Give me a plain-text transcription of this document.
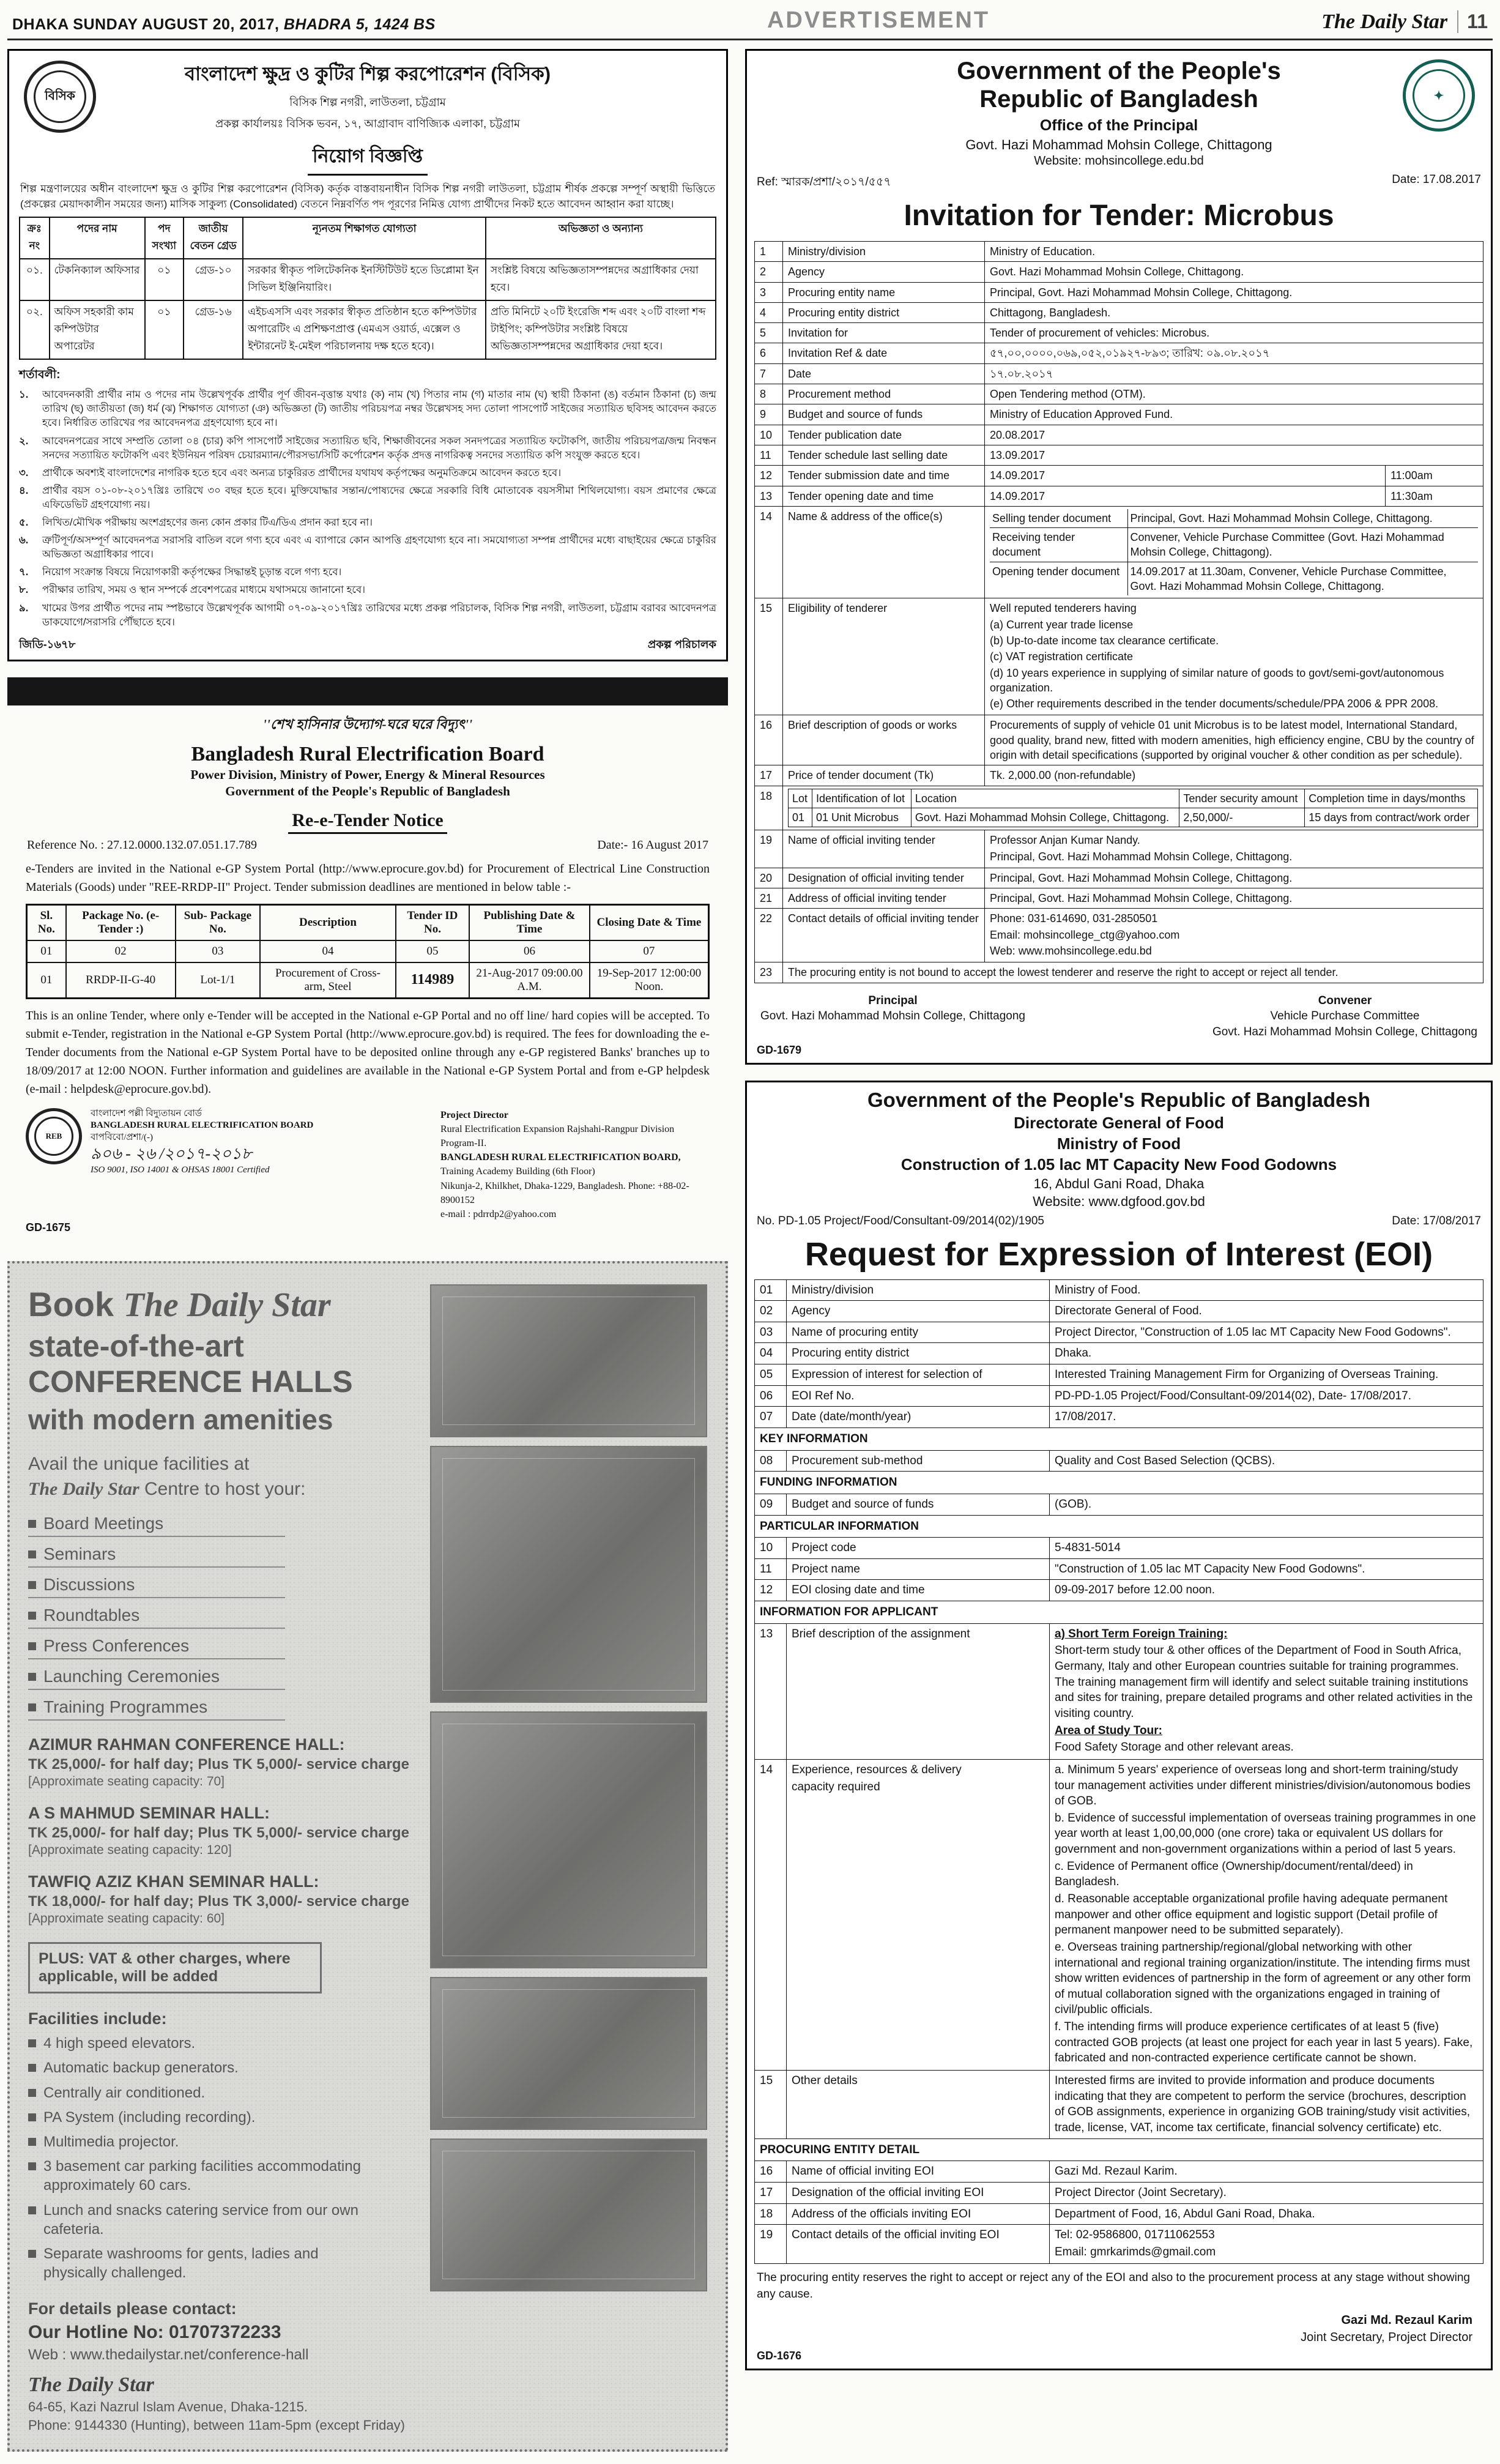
DHAKA SUNDAY AUGUST 20, 2017, BHADRA 5, 1424 BS	ADVERTISEMENT	The Daily Star	11
বিসিক
বাংলাদেশ ক্ষুদ্র ও কুটির শিল্প করপোরেশন (বিসিক)
বিসিক শিল্প নগরী, লাউতলা, চট্টগ্রাম
প্রকল্প কার্যালয়ঃ বিসিক ভবন, ১৭, আগ্রাবাদ বাণিজ্যিক এলাকা, চট্টগ্রাম
নিয়োগ বিজ্ঞপ্তি
শিল্প মন্ত্রণালয়ের অধীন বাংলাদেশ ক্ষুদ্র ও কুটির শিল্প করপোরেশন (বিসিক) কর্তৃক বাস্তবায়নাধীন বিসিক শিল্প নগরী লাউতলা, চট্টগ্রাম শীর্ষক প্রকল্পে সম্পূর্ণ অস্থায়ী ভিত্তিতে (প্রকল্পের মেয়াদকালীন সময়ের জন্য) মাসিক সাকুল্য (Consolidated) বেতনে নিম্নবর্ণিত পদ পূরণের নিমিত্ত যোগ্য প্রার্থীদের নিকট হতে আবেদন আহ্বান করা যাচ্ছে।
ক্রঃ নং	পদের নাম	পদ সংখ্যা	জাতীয় বেতন গ্রেড	ন্যূনতম শিক্ষাগত যোগ্যতা	অভিজ্ঞতা ও অন্যান্য
০১.	টেকনিক্যাল অফিসার	০১	গ্রেড-১০	সরকার স্বীকৃত পলিটেকনিক ইনস্টিটিউট হতে ডিপ্লোমা ইন সিভিল ইঞ্জিনিয়ারিং।	সংশ্লিষ্ট বিষয়ে অভিজ্ঞতাসম্পন্নদের অগ্রাধিকার দেয়া হবে।
০২.	অফিস সহকারী কাম কম্পিউটার অপারেটর	০১	গ্রেড-১৬	এইচএসসি এবং সরকার স্বীকৃত প্রতিষ্ঠান হতে কম্পিউটার অপারেটিং এ প্রশিক্ষণপ্রাপ্ত (এমএস ওয়ার্ড, এক্সেল ও ইন্টারনেট ই-মেইল পরিচালনায় দক্ষ হতে হবে)।	প্রতি মিনিটে ২০টি ইংরেজি শব্দ এবং ২০টি বাংলা শব্দ টাইপিং; কম্পিউটার সংশ্লিষ্ট বিষয়ে অভিজ্ঞতাসম্পন্নদের অগ্রাধিকার দেয়া হবে।
শর্তাবলী:
১.	আবেদনকারী প্রার্থীর নাম ও পদের নাম উল্লেখপূর্বক প্রার্থীর পূর্ণ জীবন-বৃত্তান্ত যথাঃ (ক) নাম (খ) পিতার নাম (গ) মাতার নাম (ঘ) স্থায়ী ঠিকানা (ঙ) বর্তমান ঠিকানা (চ) জন্ম তারিখ (ছ) জাতীয়তা (জ) ধর্ম (ঝ) শিক্ষাগত যোগ্যতা (ঞ) অভিজ্ঞতা (ট) জাতীয় পরিচয়পত্র নম্বর উল্লেখসহ সদ্য তোলা পাসপোর্ট সাইজের সত্যায়িত ছবিসহ আবেদন করতে হবে। নির্ধারিত তারিখের পর আবেদনপত্র গ্রহণযোগ্য হবে না।
২.	আবেদনপত্রের সাথে সম্প্রতি তোলা ০৪ (চার) কপি পাসপোর্ট সাইজের সত্যায়িত ছবি, শিক্ষাজীবনের সকল সনদপত্রের সত্যায়িত ফটোকপি, জাতীয় পরিচয়পত্র/জন্ম নিবন্ধন সনদের সত্যায়িত ফটোকপি এবং ইউনিয়ন পরিষদ চেয়ারম্যান/পৌরসভা/সিটি কর্পোরেশন কর্তৃক প্রদত্ত নাগরিকত্ব সনদের সত্যায়িত কপি সংযুক্ত করতে হবে।
৩.	প্রার্থীকে অবশ্যই বাংলাদেশের নাগরিক হতে হবে এবং অন্যত্র চাকুরিরত প্রার্থীদের যথাযথ কর্তৃপক্ষের অনুমতিক্রমে আবেদন করতে হবে।
৪.	প্রার্থীর বয়স ০১-০৮-২০১৭খ্রিঃ তারিখে ৩০ বছর হতে হবে। মুক্তিযোদ্ধার সন্তান/পোষ্যদের ক্ষেত্রে সরকারি বিধি মোতাবেক বয়সসীমা শিথিলযোগ্য। বয়স প্রমাণের ক্ষেত্রে এফিডেভিট গ্রহণযোগ্য নয়।
৫.	লিখিত/মৌখিক পরীক্ষায় অংশগ্রহণের জন্য কোন প্রকার টিএ/ডিএ প্রদান করা হবে না।
৬.	ত্রুটিপূর্ণ/অসম্পূর্ণ আবেদনপত্র সরাসরি বাতিল বলে গণ্য হবে এবং এ ব্যাপারে কোন আপত্তি গ্রহণযোগ্য হবে না। সমযোগ্যতা সম্পন্ন প্রার্থীদের মধ্যে বাছাইয়ের ক্ষেত্রে চাকুরির অভিজ্ঞতা অগ্রাধিকার পাবে।
৭.	নিয়োগ সংক্রান্ত বিষয়ে নিয়োগকারী কর্তৃপক্ষের সিদ্ধান্তই চূড়ান্ত বলে গণ্য হবে।
৮.	পরীক্ষার তারিখ, সময় ও স্থান সম্পর্কে প্রবেশপত্রের মাধ্যমে যথাসময়ে জানানো হবে।
৯.	খামের উপর প্রার্থীত পদের নাম স্পষ্টভাবে উল্লেখপূর্বক আগামী ০৭-০৯-২০১৭খ্রিঃ তারিখের মধ্যে প্রকল্প পরিচালক, বিসিক শিল্প নগরী, লাউতলা, চট্টগ্রাম বরাবর আবেদনপত্র ডাকযোগে/সরাসরি পৌঁছাতে হবে।
জিডি-১৬৭৮	প্রকল্প পরিচালক
''শেখ হাসিনার উদ্যোগ-ঘরে ঘরে বিদ্যুৎ''
Bangladesh Rural Electrification Board
Power Division, Ministry of Power, Energy & Mineral Resources
Government of the People's Republic of Bangladesh
Re-e-Tender Notice
Reference No. : 27.12.0000.132.07.051.17.789	Date:- 16 August 2017
e-Tenders are invited in the National e-GP System Portal (http://www.eprocure.gov.bd) for Procurement of Electrical Line Construction Materials (Goods) under "REE-RRDP-II" Project. Tender submission deadlines are mentioned in below table :-
Sl. No.	Package No. (e-Tender :)	Sub- Package No.	Description	Tender ID No.	Publishing Date & Time	Closing Date & Time
01	02	03	04	05	06	07
01	RRDP-II-G-40	Lot-1/1	Procurement of Cross-arm, Steel	114989	21-Aug-2017 09:00.00 A.M.	19-Sep-2017 12:00:00 Noon.
This is an online Tender, where only e-Tender will be accepted in the National e-GP Portal and no off line/ hard copies will be accepted. To submit e-Tender, registration in the National e-GP System Portal (http://www.eprocure.gov.bd) is required. The fees for downloading the e-Tender documents from the National e-GP System Portal have to be deposited online through any e-GP registered Banks' branches up to 18/09/2017 at 12:00 NOON. Further information and guidelines are available in the National e-GP System Portal and from e-GP helpdesk (e-mail : helpdesk@eprocure.gov.bd).
REB
বাংলাদেশ পল্লী বিদ্যুতায়ন বোর্ড
BANGLADESH RURAL ELECTRIFICATION BOARD
বাপবিবো/প্রশা/(-)
৯০৬ - ২৬ /২০১৭-২০১৮
ISO 9001, ISO 14001 & OHSAS 18001 Certified
Project Director
Rural Electrification Expansion Rajshahi-Rangpur Division Program-II.
BANGLADESH RURAL ELECTRIFICATION BOARD,
Training Academy Building (6th Floor)
Nikunja-2, Khilkhet, Dhaka-1229, Bangladesh. Phone: +88-02- 8900152
e-mail : pdrrdp2@yahoo.com
GD-1675
Book The Daily Star
state-of-the-art CONFERENCE HALLS
with modern amenities
Avail the unique facilities at
The Daily Star Centre to host your:
Board Meetings
Seminars
Discussions
Roundtables
Press Conferences
Launching Ceremonies
Training Programmes
AZIMUR RAHMAN CONFERENCE HALL:
TK 25,000/- for half day; Plus TK 5,000/- service charge
[Approximate seating capacity: 70]
A S MAHMUD SEMINAR HALL:
TK 25,000/- for half day; Plus TK 5,000/- service charge
[Approximate seating capacity: 120]
TAWFIQ AZIZ KHAN SEMINAR HALL:
TK 18,000/- for half day; Plus TK 3,000/- service charge
[Approximate seating capacity: 60]
PLUS: VAT & other charges, where applicable, will be added
Facilities include:
4 high speed elevators.
Automatic backup generators.
Centrally air conditioned.
PA System (including recording).
Multimedia projector.
3 basement car parking facilities accommodating approximately 60 cars.
Lunch and snacks catering service from our own cafeteria.
Separate washrooms for gents, ladies and physically challenged.
For details please contact:
Our Hotline No: 01707372233
Web : www.thedailystar.net/conference-hall
The Daily Star
64-65, Kazi Nazrul Islam Avenue, Dhaka-1215.
Phone: 9144330 (Hunting), between 11am-5pm (except Friday)
✦
Government of the People's
Republic of Bangladesh
Office of the Principal
Govt. Hazi Mohammad Mohsin College, Chittagong
Website: mohsincollege.edu.bd
Ref: স্মারক/প্রশা/২০১৭/৫৫৭	Date: 17.08.2017
Invitation for Tender: Microbus
1	Ministry/division	Ministry of Education.
2	Agency	Govt. Hazi Mohammad Mohsin College, Chittagong.
3	Procuring entity name	Principal, Govt. Hazi Mohammad Mohsin College, Chittagong.
4	Procuring entity district	Chittagong, Bangladesh.
5	Invitation for	Tender of procurement of vehicles: Microbus.
6	Invitation Ref & date	৫৭,০০,০০০০,০৬৯,০৫২,০১৯২৭-৮৯৩; তারিখ: ০৯.০৮.২০১৭
7	Date	১৭.০৮.২০১৭
8	Procurement method	Open Tendering method (OTM).
9	Budget and source of funds	Ministry of Education Approved Fund.
10	Tender publication date	20.08.2017
11	Tender schedule last selling date	13.09.2017
12	Tender submission date and time	14.09.2017	11:00am
13	Tender opening date and time	14.09.2017	11:30am
14	Name & address of the office(s)		Selling tender document	Principal, Govt. Hazi Mohammad Mohsin College, Chittagong.
Receiving tender document	Convener, Vehicle Purchase Committee (Govt. Hazi Mohammad Mohsin College, Chittagong).
Opening tender document	14.09.2017 at 11.30am, Convener, Vehicle Purchase Committee, Govt. Hazi Mohammad Mohsin College, Chittagong.

15	Eligibility of tenderer	Well reputed tenderers having
(a) Current year trade license
(b) Up-to-date income tax clearance certificate.
(c) VAT registration certificate
(d) 10 years experience in supplying of similar nature of goods to govt/semi-govt/autonomous organization.
(e) Other requirements described in the tender documents/schedule/PPA 2006 & PPR 2008.

16	Brief description of goods or works	Procurements of supply of vehicle 01 unit Microbus is to be latest model, International Standard, good quality, brand new, fitted with modern amenities, high efficiency engine, CBU by the country of origin with detail specifications (supported by original voucher & other condition as per schedule).
17	Price of tender document (Tk)	Tk. 2,000.00 (non-refundable)
18	Lot	Identification of lot	Location	Tender security amount	Completion time in days/months
01	01 Unit Microbus	Govt. Hazi Mohammad Mohsin College, Chittagong.	2,50,000/-	15 days from contract/work order

19	Name of official inviting tender	Professor Anjan Kumar Nandy.
Principal, Govt. Hazi Mohammad Mohsin College, Chittagong.

20	Designation of official inviting tender	Principal, Govt. Hazi Mohammad Mohsin College, Chittagong.
21	Address of official inviting tender	Principal, Govt. Hazi Mohammad Mohsin College, Chittagong.
22	Contact details of official inviting tender	Phone: 031-614690, 031-2850501
Email: mohsincollege_ctg@yahoo.com
Web: www.mohsincollege.edu.bd

23	The procuring entity is not bound to accept the lowest tenderer and reserve the right to accept or reject all tender.
Principal
Govt. Hazi Mohammad Mohsin College, Chittagong
Convener
Vehicle Purchase Committee
Govt. Hazi Mohammad Mohsin College, Chittagong
GD-1679
Government of the People's Republic of Bangladesh
Directorate General of Food
Ministry of Food
Construction of 1.05 lac MT Capacity New Food Godowns
16, Abdul Gani Road, Dhaka
Website: www.dgfood.gov.bd
No. PD-1.05 Project/Food/Consultant-09/2014(02)/1905	Date: 17/08/2017
Request for Expression of Interest (EOI)
01	Ministry/division	Ministry of Food.
02	Agency	Directorate General of Food.
03	Name of procuring entity	Project Director, "Construction of 1.05 lac MT Capacity New Food Godowns".
04	Procuring entity district	Dhaka.
05	Expression of interest for selection of	Interested Training Management Firm for Organizing of Overseas Training.
06	EOI Ref No.	PD-PD-1.05 Project/Food/Consultant-09/2014(02), Date- 17/08/2017.
07	Date (date/month/year)	17/08/2017.
KEY INFORMATION		
08	Procurement sub-method	Quality and Cost Based Selection (QCBS).
FUNDING INFORMATION		
09	Budget and source of funds	(GOB).
PARTICULAR INFORMATION		
10	Project code	5-4831-5014
11	Project name	"Construction of 1.05 lac MT Capacity New Food Godowns".
12	EOI closing date and time	09-09-2017 before 12.00 noon.
INFORMATION FOR APPLICANT		
13	Brief description of the assignment	a) Short Term Foreign Training:
Short-term study tour & other offices of the Department of Food in South Africa, Germany, Italy and other European countries suitable for training programmes. The training management firm will identify and select suitable training institutions and sites for training, prepare detailed programs and other related activities in the visiting country.
Area of Study Tour:
Food Safety Storage and other relevant areas.

14	Experience, resources & delivery
capacity required

a. Minimum 5 years' experience of overseas long and short-term training/study tour management activities under different ministries/division/autonomous bodies of GOB.
b. Evidence of successful implementation of overseas training programmes in one year worth at least 1,00,00,000 (one crore) taka or equivalent US dollars for government and non-government organizations within a period of last 5 years.
c. Evidence of Permanent office (Ownership/document/rental/deed) in Bangladesh.
d. Reasonable acceptable organizational profile having adequate permanent manpower and other office equipment and logistic support (Detail profile of permanent manpower need to be submitted separately).
e. Overseas training partnership/regional/global networking with other international and regional training organization/institute. The intending firms must show written evidences of partnership in the form of agreement or any other form of mutual collaboration signed with the organizations engaged in training of civil/public officials.
f. The intending firms will produce experience certificates of at least 5 (five) contracted GOB projects (at least one project for each year in last 5 years). Fake, fabricated and non-contracted experience certificate cannot be shown.

15	Other details	Interested firms are invited to provide information and produce documents indicating that they are competent to perform the service (brochures, description of GOB assignments, experience in organizing GOB training/study visit activities, trade, license, VAT, income tax certificate, financial solvency certificate) etc.
PROCURING ENTITY DETAIL		
16	Name of official inviting EOI	Gazi Md. Rezaul Karim.
17	Designation of the official inviting EOI	Project Director (Joint Secretary).
18	Address of the officials inviting EOI	Department of Food, 16, Abdul Gani Road, Dhaka.
19	Contact details of the official inviting EOI	Tel: 02-9586800, 01711062553
Email: gmrkarimds@gmail.com
The procuring entity reserves the right to accept or reject any of the EOI and also to the procurement process at any stage without showing any cause.
Gazi Md. Rezaul Karim
Joint Secretary, Project Director
GD-1676
